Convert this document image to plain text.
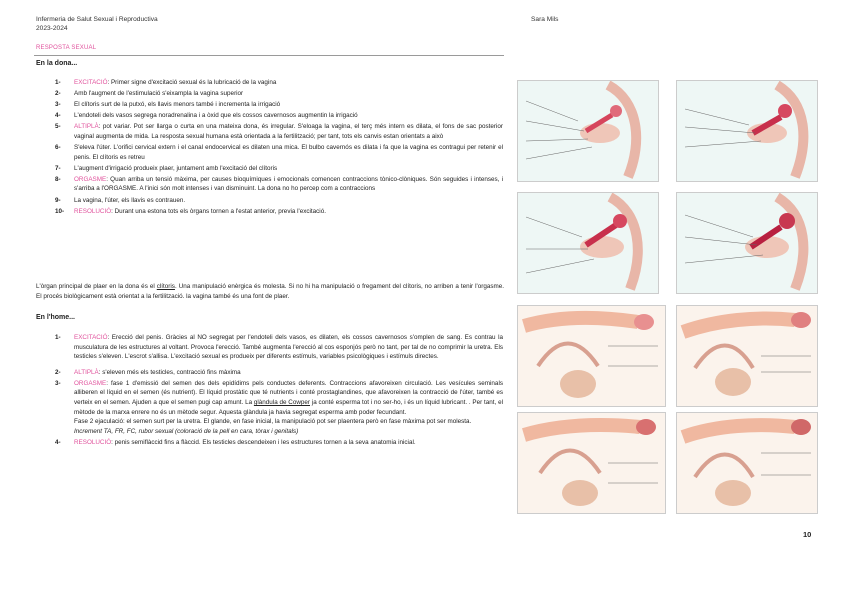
Infermeria de Salut Sexual i Reproductiva
2023-2024
Sara Mils
RESPOSTA SEXUAL
En la dona...
1-	EXCITACIÓ: Primer signe d'excitació sexual és la lubricació de la vagina
2-	Amb l'augment de l'estimulació s'eixampla la vagina superior
3-	El clítoris surt de la putxó, els llavis menors també i incrementa la irrigació
4-	L'endoteli dels vasos segrega noradrenalina i a òxid que els cossos cavernosos augmentin la irrigació
5-	ALTIPLÀ: pot variar. Pot ser llarga o curta en una mateixa dona, és irregular. S'eloaga la vagina, el terç més intern es dilata, el fons de sac posterior vaginal augmenta de mida. La resposta sexual humana està orientada a la fertilització; per tant, tots els canvis estan orientats a això
6-	S'eleva l'úter. L'orifici cervical extern i el canal endocervical es dilaten una mica. El bulbo cavernós es dilata i fa que la vagina es contragui per retenir el penis. El clítoris es retreu
7-	L'augment d'irrigació produeix plaer, juntament amb l'excitació del clítoris
8-	ORGASME: Quan arriba un tensió màxima, per causes bioquímiques i emocionals comencen contraccions tònico-clòniques. Són seguides i intenses, i s'arriba a l'ORGASME. A l'inici són molt intenses i van disminuint. La dona no ho percep com a contraccions
9-	La vagina, l'úter, els llavis es contrauen.
10-	RESOLUCIÓ: Durant una estona tots els òrgans tornen a l'estat anterior, previa l'excitació.
L'òrgan principal de plaer en la dona és el clítoris. Una manipulació enèrgica és molesta. Si no hi ha manipulació o fregament del clítoris, no arriben a tenir l'orgasme. El procés biològicament està orientat a la fertilització. la vagina també és una font de plaer.
En l'home...
1-	EXCITACIÓ: Erecció del penis. Gràcies al NO segregat per l'endoteli dels vasos, es dilaten, els cossos cavernosos s'omplen de sang. Es contrau la musculatura de les estructures al voltant. Provoca l'erecció. També augmenta l'erecció al cos esponjós però no tant, per tal de no comprimir la uretra. Els testicles s'eleven. L'escrot s'allisa. L'excitació sexual es produeix per diferents estímuls, variables psicològiques i estímuls directes.
2-	ALTIPLÀ: s'eleven més els testicles, contracció fins màxima
3-	ORGASME: fase 1 d'emissió del semen des dels epidídims pels conductes deferents. Contraccions afavoreixen circulació. Les vesícules seminals alliberen el líquid en el semen (és nutrient). El líquid prostàtic que té nutrients i conté prostaglandines, que afavoreixen la contracció de l'úter, també es verteix en el semen. Ajuden a que el semen pugi cap amunt. La glàndula de Cowper ja conté esperma tot i no ser-ho, i és un líquid lubricant. . Per tant, el mètode de la marxa enrere no és un mètode segur. Aquesta glàndula ja havia segregat esperma amb poder fecundant.
Fase 2 ejaculació: el semen surt per la uretra. El glande, en fase inicial, la manipulació pot ser plaentera però en fase màxima pot ser molesta.
Increment TA, FR, FC, rubor sexual (coloració de la pell en cara, tòrax i genitals)
4-	RESOLUCIÓ: penis semiflàccid fins a flàccid. Els testicles descendeixen i les estructures tornen a la seva anatomia inicial.
10
